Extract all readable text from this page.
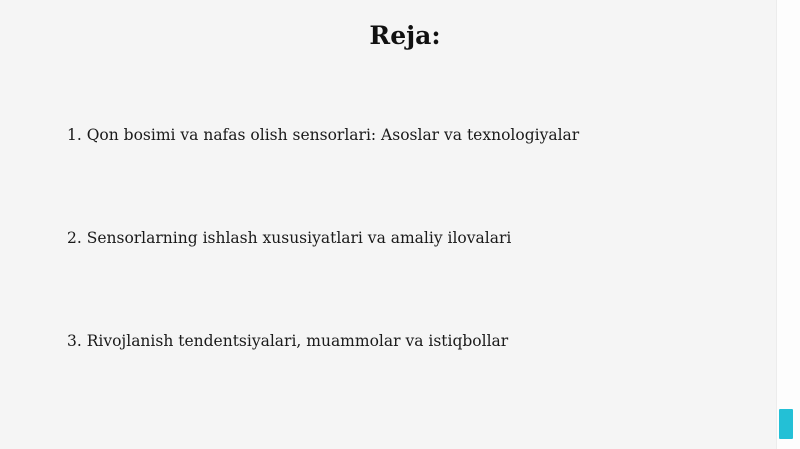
Reja:
1. Qon bosimi va nafas olish sensorlari: Asoslar va texnologiyalar
2. Sensorlarning ishlash xususiyatlari va amaliy ilovalari
3. Rivojlanish tendentsiyalari, muammolar va istiqbollar
